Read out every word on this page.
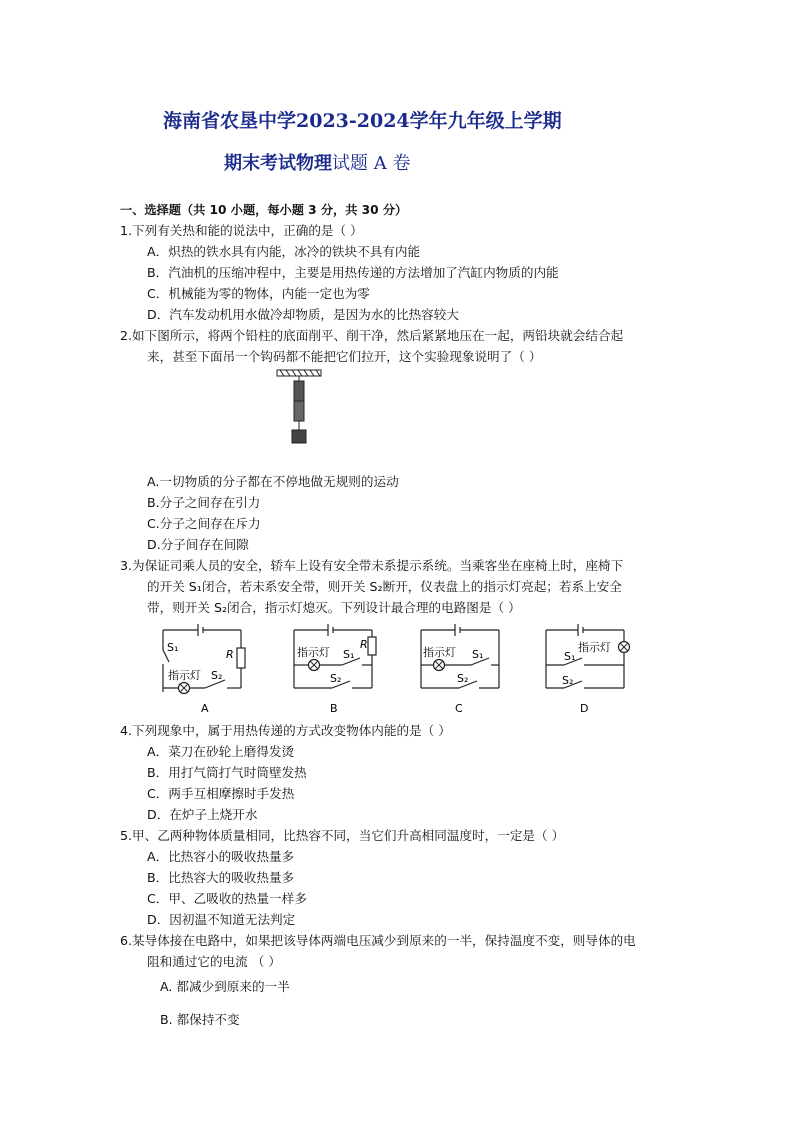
海南省农垦中学2023-2024学年九年级上学期
期末考试物理试题 A 卷
一、选择题（共 10 小题，每小题 3 分，共 30 分）
1.下列有关热和能的说法中，正确的是（ ）
A．炽热的铁水具有内能，冰冷的铁块不具有内能
B．汽油机的压缩冲程中，主要是用热传递的方法增加了汽缸内物质的内能
C．机械能为零的物体，内能一定也为零
D．汽车发动机用水做冷却物质，是因为水的比热容较大
2.如下图所示，将两个铅柱的底面削平、削干净，然后紧紧地压在一起，两铅块就会结合起
来，甚至下面吊一个钩码都不能把它们拉开，这个实验现象说明了（ ）
A.一切物质的分子都在不停地做无规则的运动
B.分子之间存在引力
C.分子之间存在斥力
D.分子间存在间隙
3.为保证司乘人员的安全，轿车上设有安全带未系提示系统。当乘客坐在座椅上时，座椅下
的开关 S₁闭合，若未系安全带，则开关 S₂断开，仪表盘上的指示灯亮起；若系上安全
带，则开关 S₂闭合，指示灯熄灭。下列设计最合理的电路图是（ ）
S₁
R
指示灯 S₂
A
指示灯 S₁
R
S₂
B
指示灯 S₁
S₂
C
指示灯
S₁
S₂
D
4.下列现象中，属于用热传递的方式改变物体内能的是（ ）
A．菜刀在砂轮上磨得发烫
B．用打气筒打气时筒壁发热
C．两手互相摩擦时手发热
D．在炉子上烧开水
5.甲、乙两种物体质量相同，比热容不同，当它们升高相同温度时，一定是（ ）
A．比热容小的吸收热量多
B．比热容大的吸收热量多
C．甲、乙吸收的热量一样多
D．因初温不知道无法判定
6.某导体接在电路中，如果把该导体两端电压减少到原来的一半，保持温度不变，则导体的电
阻和通过它的电流 （ ）
A. 都减少到原来的一半
B. 都保持不变
